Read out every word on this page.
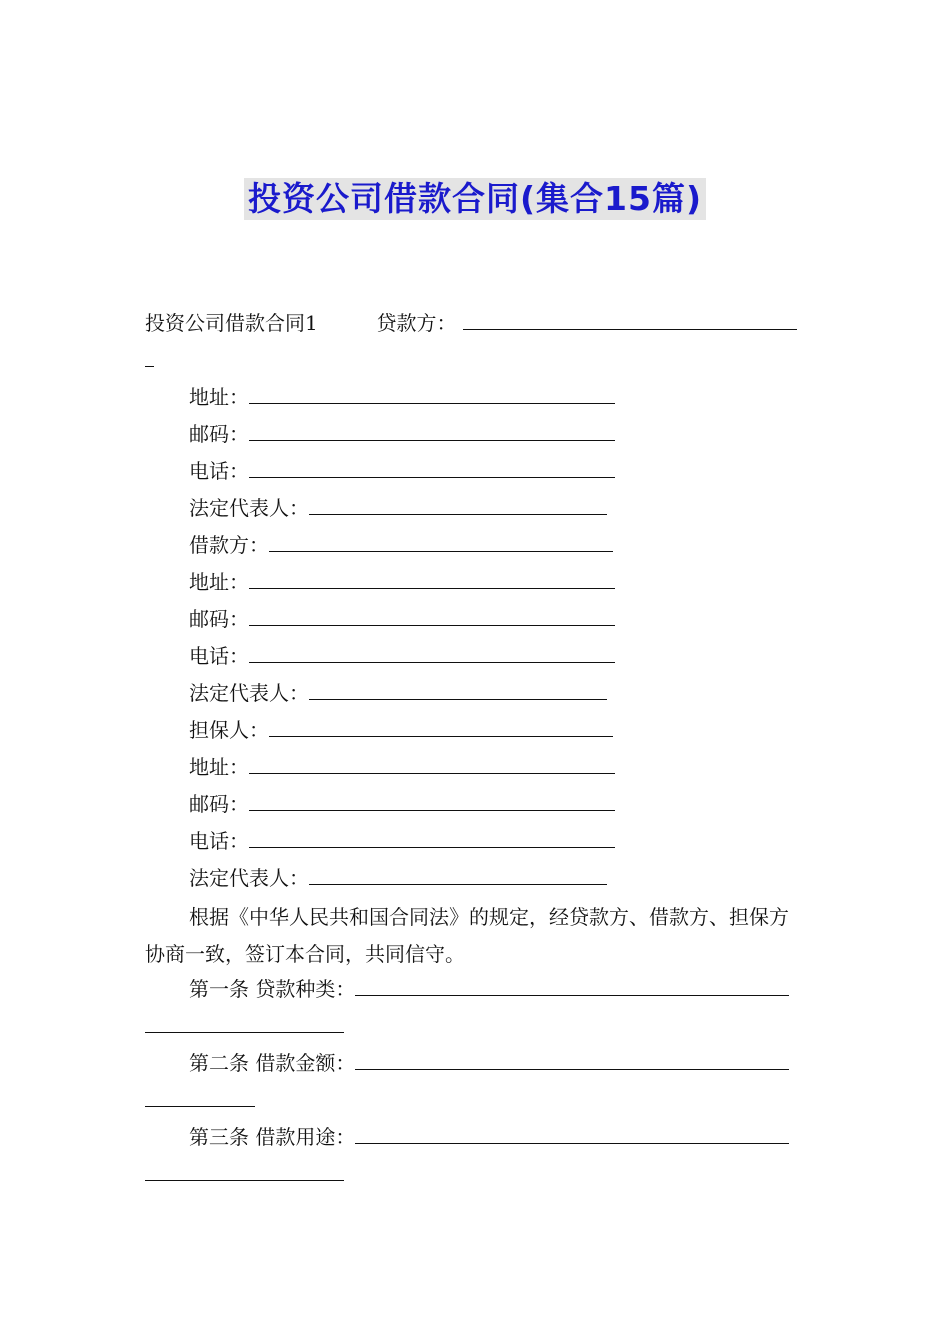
投资公司借款合同(集合15篇)
投资公司借款合同1	贷款方：
地址：
邮码：
电话：
法定代表人：
借款方：
地址：
邮码：
电话：
法定代表人：
担保人：
地址：
邮码：
电话：
法定代表人：
根据《中华人民共和国合同法》的规定，经贷款方、借款方、担保方协商一致，签订本合同，共同信守。
第一条 贷款种类：
第二条 借款金额：
第三条 借款用途：
